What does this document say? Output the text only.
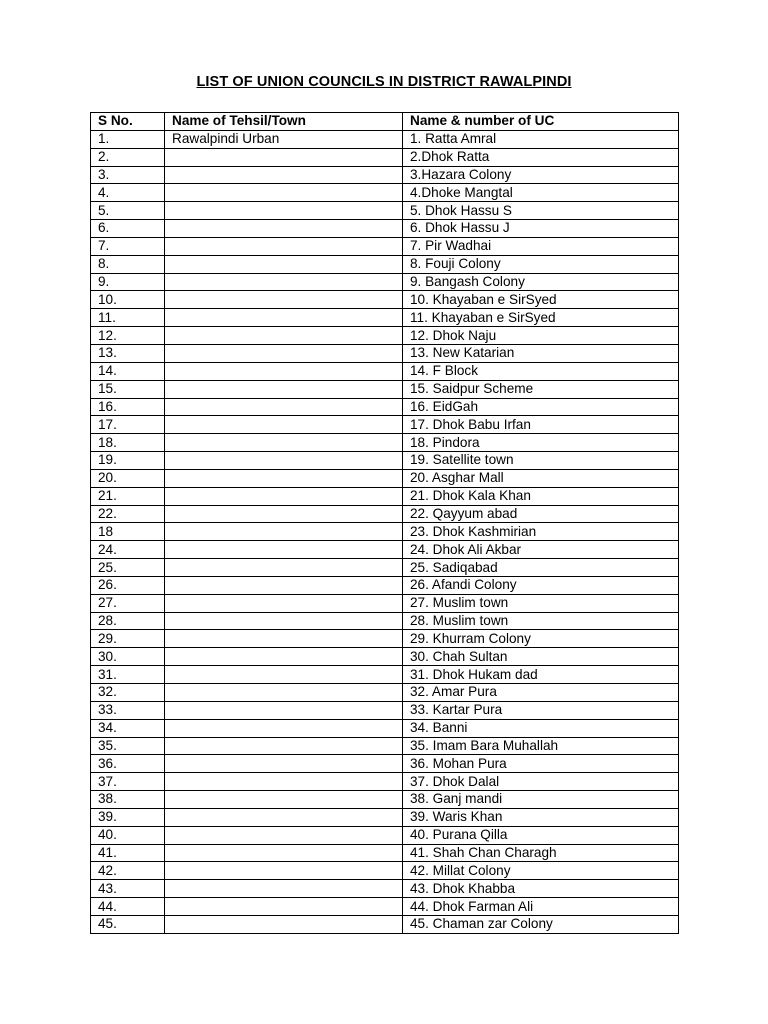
LIST OF UNION COUNCILS IN DISTRICT RAWALPINDI
S No.	Name of Tehsil/Town	Name & number of UC
1.	Rawalpindi Urban	1. Ratta Amral
2.		2.Dhok Ratta
3.		3.Hazara Colony
4.		4.Dhoke Mangtal
5.		5. Dhok Hassu S
6.		6. Dhok Hassu J
7.		7. Pir Wadhai
8.		8. Fouji Colony
9.		9. Bangash Colony
10.		10. Khayaban e SirSyed
11.		11. Khayaban e SirSyed
12.		12. Dhok Naju
13.		13. New Katarian
14.		14. F Block
15.		15. Saidpur Scheme
16.		16. EidGah
17.		17. Dhok Babu Irfan
18.		18. Pindora
19.		19. Satellite town
20.		20. Asghar Mall
21.		21. Dhok Kala Khan
22.		22. Qayyum abad
18		23. Dhok Kashmirian
24.		24. Dhok Ali Akbar
25.		25. Sadiqabad
26.		26. Afandi Colony
27.		27. Muslim town
28.		28. Muslim town
29.		29. Khurram Colony
30.		30. Chah Sultan
31.		31. Dhok Hukam dad
32.		32. Amar Pura
33.		33. Kartar Pura
34.		34. Banni
35.		35. Imam Bara Muhallah
36.		36. Mohan Pura
37.		37. Dhok Dalal
38.		38. Ganj mandi
39.		39. Waris Khan
40.		40. Purana Qilla
41.		41. Shah Chan Charagh
42.		42. Millat Colony
43.		43. Dhok Khabba
44.		44. Dhok Farman Ali
45.		45. Chaman zar Colony
